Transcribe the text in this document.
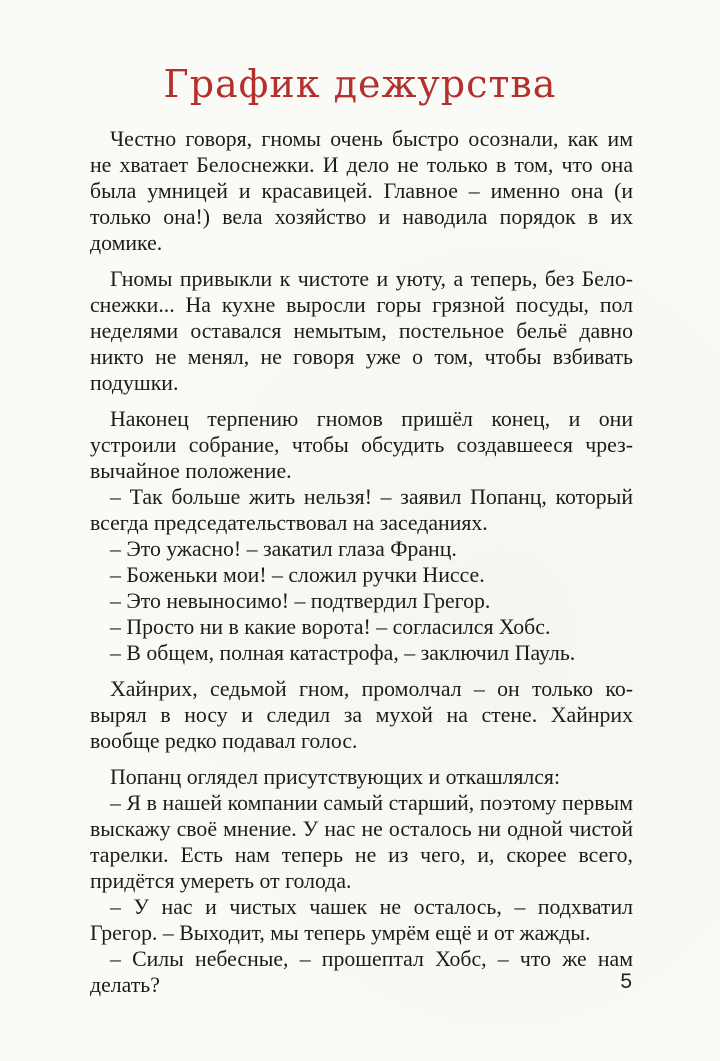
График дежурства

Честно говоря, гномы очень быстро осознали, как им не хватает Белоснежки. И дело не только в том, что она была умницей и красавицей. Главное – именно она (и только она!) вела хозяйство и наводила порядок в их домике.

Гномы привыкли к чистоте и уюту, а теперь, без Белоснежки... На кухне выросли горы грязной посуды, пол неделями оставался немытым, постельное бельё давно никто не менял, не говоря уже о том, чтобы взбивать подушки.

Наконец терпению гномов пришёл конец, и они устроили собрание, чтобы обсудить создавшееся чрезвычайное положение.

– Так больше жить нельзя! – заявил Попанц, который всегда председательствовал на заседаниях.

– Это ужасно! – закатил глаза Франц.

– Боженьки мои! – сложил ручки Ниссе.

– Это невыносимо! – подтвердил Грегор.

– Просто ни в какие ворота! – согласился Хобс.

– В общем, полная катастрофа, – заключил Пауль.

Хайнрих, седьмой гном, промолчал – он только ковырял в носу и следил за мухой на стене. Хайнрих вообще редко подавал голос.

Попанц оглядел присутствующих и откашлялся:

– Я в нашей компании самый старший, поэтому первым выскажу своё мнение. У нас не осталось ни одной чистой тарелки. Есть нам теперь не из чего, и, скорее всего, придётся умереть от голода.

– У нас и чистых чашек не осталось, – подхватил Грегор. – Выходит, мы теперь умрём ещё и от жажды.

– Силы небесные, – прошептал Хобс, – что же нам делать?	5
